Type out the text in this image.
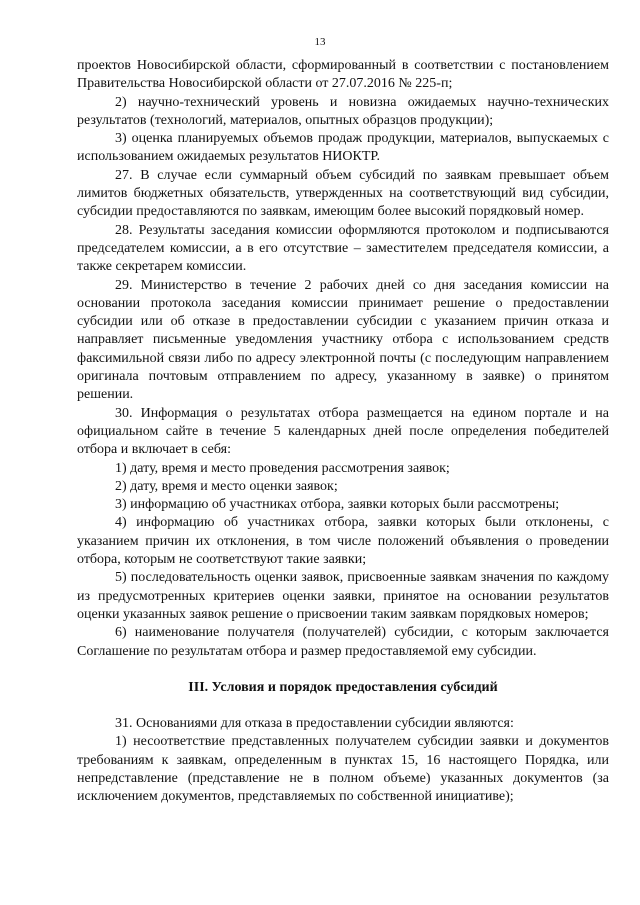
13

проектов Новосибирской области, сформированный в соответствии с постановлением Правительства Новосибирской области от 27.07.2016 № 225-п;

2) научно-технический уровень и новизна ожидаемых научно-технических результатов (технологий, материалов, опытных образцов продукции);

3) оценка планируемых объемов продаж продукции, материалов, выпускаемых с использованием ожидаемых результатов НИОКТР.

27. В случае если суммарный объем субсидий по заявкам превышает объем лимитов бюджетных обязательств, утвержденных на соответствующий вид субсидии, субсидии предоставляются по заявкам, имеющим более высокий порядковый номер.

28. Результаты заседания комиссии оформляются протоколом и подписываются председателем комиссии, а в его отсутствие – заместителем председателя комиссии, а также секретарем комиссии.

29. Министерство в течение 2 рабочих дней со дня заседания комиссии на основании протокола заседания комиссии принимает решение о предоставлении субсидии или об отказе в предоставлении субсидии с указанием причин отказа и направляет письменные уведомления участнику отбора с использованием средств факсимильной связи либо по адресу электронной почты (с последующим направлением оригинала почтовым отправлением по адресу, указанному в заявке) о принятом решении.

30. Информация о результатах отбора размещается на едином портале и на официальном сайте в течение 5 календарных дней после определения победителей отбора и включает в себя:

1) дату, время и место проведения рассмотрения заявок;

2) дату, время и место оценки заявок;

3) информацию об участниках отбора, заявки которых были рассмотрены;

4) информацию об участниках отбора, заявки которых были отклонены, с указанием причин их отклонения, в том числе положений объявления о проведении отбора, которым не соответствуют такие заявки;

5) последовательность оценки заявок, присвоенные заявкам значения по каждому из предусмотренных критериев оценки заявки, принятое на основании результатов оценки указанных заявок решение о присвоении таким заявкам порядковых номеров;

6) наименование получателя (получателей) субсидии, с которым заключается Соглашение по результатам отбора и размер предоставляемой ему субсидии.

III. Условия и порядок предоставления субсидий

31. Основаниями для отказа в предоставлении субсидии являются:

1) несоответствие представленных получателем субсидии заявки и документов требованиям к заявкам, определенным в пунктах 15, 16 настоящего Порядка, или непредставление (представление не в полном объеме) указанных документов (за исключением документов, представляемых по собственной инициативе);
